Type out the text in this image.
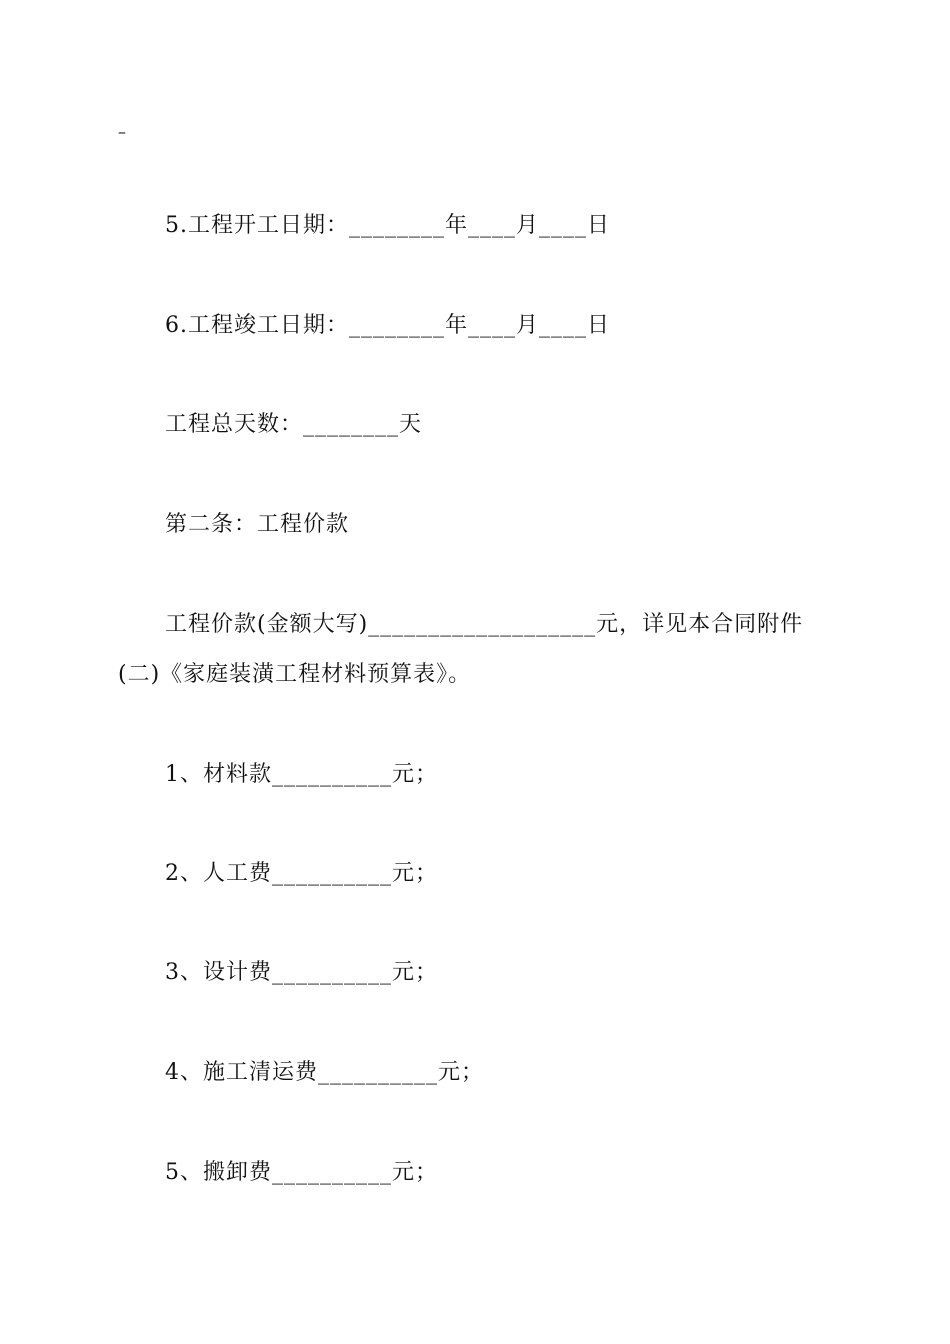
–
5.工程开工日期：________年____月____日
6.工程竣工日期：________年____月____日
工程总天数：________天
第二条：工程价款
工程价款(金额大写)___________________元，详见本合同附件
(二)《家庭装潢工程材料预算表》。
1、材料款__________元；
2、人工费__________元；
3、设计费__________元；
4、施工清运费__________元；
5、搬卸费__________元；
